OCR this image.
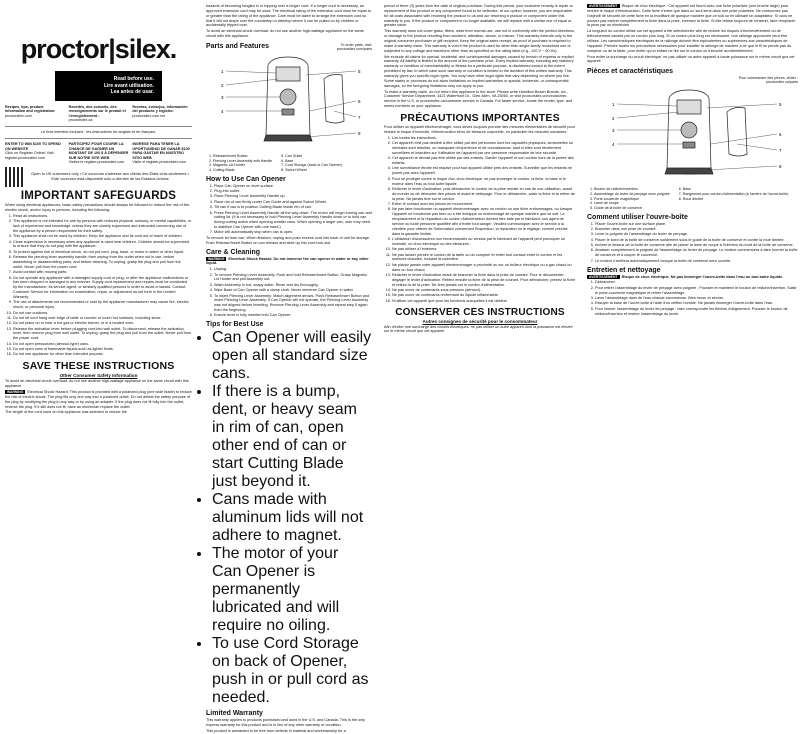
proctor|silex.
Read before use.
Lire avant utilisation.
Lea antes de usar.
Recipes, tips, product information and registration:
proctorsilex.com
Recettes, des conseils, des renseignements sur le produit et l'enregistrement :
proctorsilex.ca
Recetas, consejos, información del producto y registro:
proctorsilex.com.mx
Le livre interieur incluant : les instructions en anglais et en français.
ENTER TO WIN $100 TO SPEND ON WEBSITE
Click on Register Online! Visit register.proctorsilex.com
PARTICIPEZ POUR COURIR LA CHANCE DE GAGNER UN MONTANT DE 100 $ À DÉPENSER SUR NOTRE SITE WEB
Visitez le register.proctorsilex.com
INGRESE PARA TENER LA OPORTUNIDAD DE GANAR $100 PARA GASTAR EN NUESTRO SITIO WEB
Visite el register.proctorsilex.com
Open to US customers only • Ce concours s'adresse aux clients des États-Unis seulement • Este concurso está disponible sólo a clientes de los Estados Unidos
IMPORTANT SAFEGUARDS
When using electrical appliances, basic safety precautions should always be followed to reduce the risk of fire, electric shock, and/or injury to persons, including the following:
1. Read all instructions.
2. This appliance is not intended for use by persons with reduced physical, sensory, or mental capabilities, or lack of experience and knowledge, unless they are closely supervised and instructed concerning use of the appliance by a person responsible for their safety.
3. This appliance shall not be used by children. Keep the appliance and its cord out of reach of children.
4. Close supervision is necessary when any appliance is used near children. Children should be supervised to ensure that they do not play with the appliance.
5. To protect against risk of electrical shock, do not put cord, plug, base, or motor in water or other liquid.
6. Release the piercing lever assembly handle; then unplug from the outlet when not in use, before assembling or disassembling parts, and before cleaning. To unplug, grasp the plug and pull from the outlet. Never pull from the power cord.
7. Avoid contact with moving parts.
8. Do not operate any appliance with a damaged supply cord or plug, or after the appliance malfunctions or has been dropped or damaged in any manner. Supply cord replacement and repairs must be conducted by the manufacturer, its service agent, or similarly qualified persons in order to avoid a hazard. Contact Customer Service for information on examination, repair, or adjustment as set forth in the Limited Warranty.
9. The use of attachments not recommended or sold by the appliance manufacturer may cause fire, electric shock, or personal injury.
10. Do not use outdoors.
11. Do not let cord hang over edge of table or counter or touch hot surfaces, including stove.
12. Do not place on or near a hot gas or electric burner, or in a heated oven.
13. Release the activation lever before plugging cord into wall outlet. To disconnect, release the activation lever, then remove plug from wall outlet. To unplug, grasp the plug and pull from the outlet. Never pull from the power cord.
14. Do not open pressurized (aerosol-type) cans.
15. Do not open cans of flammable liquids such as lighter fluids.
16. Do not use appliance for other than intended purpose.
SAVE THESE INSTRUCTIONS
Other Consumer Safety Information
To avoid an electrical circuit overload, do not use another high-wattage appliance on the same circuit with this appliance.
WARNING Electrical Shock Hazard: This product is provided with a polarized plug (one wide blade) to reduce the risk of electric shock. The plug fits only one way into a polarized outlet. Do not defeat the safety purpose of the plug by modifying the plug in any way or by using an adapter. If the plug does not fit fully into the outlet, reverse the plug. If it still does not fit, have an electrician replace the outlet.
The length of the cord used on this appliance was selected to reduce the
hazards of becoming tangled in or tripping over a longer cord. If a longer cord is necessary, an approved extension cord may be used. The electrical rating of the extension cord must be equal to or greater than the rating of the appliance. Care must be taken to arrange the extension cord so that it will not drape over the countertop or tabletop where it can be pulled on by children or accidentally tripped over.
To avoid an electrical circuit overload, do not use another high-wattage appliance on the same circuit with this appliance.
Parts and Features	To order parts, visit: proctorsilex.com/parts
1
2
3
4
5
6
7
8
1. Release/Insert Button
2. Piercing Lever Assembly with Handle
3. Magnetic Lid Holder
4. Cutting Blade
5. Can Guide
6. Base
7. Cord Storage (back of Can Opener)
8. Swivel Wheel
How to Use Can Opener
1. Place Can Opener on level surface.
2. Plug into outlet.
3. Place Piercing Lever Assembly Handle up.
4. Place rim of can firmly under Can Guide and against Swivel Wheel.
5. Tilt can if can is to position Cutting Blade inside rim of can.
6. Press Piercing Lever Assembly Handle all the way down. The motor will begin turning can and cutting lid. (It is not necessary to hold Piercing Lever Assembly Handle down or to hold can during cutting action when opening smaller cans. When opening a larger can, user may need to stabilize Can Opener with one hand.)
7. Motor will automatically stop when can is open.
To remove lid from can: When finished, unplug and push excess cord into back of unit for storage. Push Release/Insert Button on can release and slide up into cord lock slot.
Care & Cleaning
WARNING Electrical Shock Hazard. Do not immerse the can opener in water or any other liquid.
1. Unplug.
2. To remove Piercing Lever Assembly: Push and hold Release/Insert Button. Grasp Magnetic Lid Holder and pull Assembly out.
3. Wash Assembly in hot, soapy water. Rinse and dry thoroughly.
4. Wipe Base of Can Opener with a damp cloth. Never immerse Can Opener in water.
5. To insert Piercing Lever Assembly: Match alignment arrows. Push Release/Insert Button and insert Piercing Lever Assembly. If Can Opener will not operate, the Piercing Lever Assembly was not aligned before inserting. Remove Piercing Lever Assembly and repeat step 5 again from the beginning.
6. Ensure lever is fully inserted into Can Opener.
Tips for Best Use
• Can Opener will easily open all standard size cans.
• If there is a bump, dent, or heavy seam in rim of can, open other end of can or start Cutting Blade just beyond it.
• Cans made with aluminum lids will not adhere to magnet.
• The motor of your Can Opener is permanently lubricated and will require no oiling.
• To use Cord Storage on back of Opener, push in or pull cord as needed.
Limited Warranty
This warranty applies to products purchased and used in the U.S. and Canada. This is the only express warranty for this product and is in lieu of any other warranty or condition.
This product is warranted to be free from defects in material and workmanship for a
period of three (3) years from the date of original purchase. During this period, your exclusive remedy is repair or replacement of this product or any component found to be defective, at our option; however, you are responsible for all costs associated with returning the product to us and our returning a product or component under this warranty to you. If the product or component is no longer available, we will replace with a similar one of equal or greater value.
This warranty does not cover glass, filters, wear from normal use, use not in conformity with the printed directions, or damage to the product resulting from accident, alteration, abuse, or misuse. This warranty extends only to the original consumer purchaser or gift recipient. Keep the original sales receipt, as proof of purchase is required to make a warranty claim. This warranty is void if the product is used for other than single-family household use or subjected to any voltage and waveform other than as specified on the rating label (e.g., 120 V ~ 60 Hz).
We exclude all claims for special, incidental, and consequential damages caused by breach of express or implied warranty. All liability is limited to the amount of the purchase price. Every implied warranty, including any statutory warranty or condition of merchantability or fitness for a particular purpose, is disclaimed except to the extent prohibited by law, in which case such warranty or condition is limited to the duration of this written warranty. This warranty gives you specific legal rights. You may have other legal rights that vary depending on where you live. Some states or provinces do not allow limitations on implied warranties or special, incidental, or consequential damages, so the foregoing limitations may not apply to you.
To make a warranty claim, do not return this appliance to the store. Please write Hamilton Beach Brands, Inc., Customer Service Department, 4421 Waterfront Dr., Glen Allen, VA 23060, or visit proctorsilex.com/customer-service in the U.S. or proctorsilex.ca/customer-service in Canada. For faster service, locate the model, type, and series numbers on your appliance.
PRÉCAUTIONS IMPORTANTES
Pour utiliser un appareil électroménager, vous devez toujours prendre des mesures élémentaires de sécurité pour réduire le risque d'incendie, d'électrocution et/ou de blessure corporelle, en particulier les mesures suivantes :
1. Lire toutes les instructions.
2. Cet appareil n'est pas destiné à être utilisé par des personnes dont les capacités physiques, sensorielles ou mentales sont réduites, ou manquant d'expérience et de connaissance, sauf si elles sont étroitement surveillées et instruites sur l'utilisation de l'appareil par une personne responsable de leur sécurité.
3. Cet appareil ne devrait pas être utilisé par des enfants. Garder l'appareil et son cordon hors de la portée des enfants.
4. Une surveillance étroite est requise pour tout appareil utilisé près des enfants. Surveiller que les enfants ne jouent pas avec l'appareil.
5. Pour se protéger contre le risque d'un choc électrique, ne pas immerger le cordon, la fiche, la base ni le moteur dans l'eau ou tout autre liquide.
6. Relâcher le levier d'activation, puis débrancher le cordon de la prise murale en cas de non-utilisation, avant de monter ou de démonter des pièces et avant le nettoyage. Pour le débrancher, saisir la fiche et la retirer de la prise. Ne jamais tirer sur le cordon.
7. Éviter le contact avec les pièces en mouvement.
8. Ne pas faire fonctionner un appareil électroménager avec un cordon ou une fiche endommagés, ou lorsque l'appareil ne fonctionne pas bien ou a été échappé ou endommagé de quelque manière que ce soit. Le remplacement et la réparation du cordon d'alimentation doivent être faits par le fabricant, son agent de service ou toute personne qualifiée afin d'éviter tout danger. Veuillez communiquer avec le service à la clientèle pour obtenir de l'information concernant l'inspection, la réparation ou le réglage, comme précisé dans la garantie limitée.
9. L'utilisation d'accessoires non recommandés ou vendus par le fabricant de l'appareil peut provoquer un incendie, un choc électrique ou des blessures.
10. Ne pas utiliser à l'extérieur.
11. Ne pas laisser pendre le cordon de la table ou du comptoir et éviter tout contact entre le cordon et les surfaces chaudes, incluant la cuisinière.
12. Ne placez jamais votre appareil électroménager à proximité ou sur un brûleur électrique ou à gaz chaud ou dans un four chaud.
13. Relâcher le levier d'activation avant de brancher la fiche dans la prise de courant. Pour le déconnecter, dégager le levier d'activation. Retirez ensuite la fiche de la prise de courant. Pour débrancher, prenez la fiche et retirez-la de la prise. Ne tirez jamais sur le cordon d'alimentation.
14. Ne pas ouvrir de contenants sous pression (aérosol).
15. Ne pas ouvrir de contenants renfermant du liquide inflammable.
16. N'utiliser cet appareil que pour les fonctions auxquelles il est destiné.
CONSERVER CES INSTRUCTIONS
Autres consignes de sécurité pour le consommateur
Afin d'éviter une surcharge des circuits électriques, ne pas utiliser un autre appareil dont la puissance est élevée sur le même circuit que cet appareil.
AVERTISSEMENT Risque de choc électrique : Cet appareil est fourni avec une fiche polarisée (une broche large) pour réduire le risque d'électrocution. Cette fiche n'entre que dans un seul sens dans une prise polarisée. Ne contournez pas l'objectif de sécurité de cette fiche en la modifiant de quelque manière que ce soit ou en utilisant un adaptateur. Si vous ne pouvez pas insérer complètement la fiche dans la prise, inversez la fiche. Si elle refuse toujours de s'insérer, faire remplacer la prise par un électricien.
La longueur du cordon utilisé sur cet appareil a été sélectionnée afin de réduire les risques d'enchevêtrement ou de trébuchement causés par un cordon plus long. Si un cordon plus long est nécessaire, une rallonge approuvée peut être utilisée. Les caractéristiques électriques de la rallonge doivent être équivalentes ou supérieures aux caractéristiques de l'appareil. Prendre toutes les précautions nécessaires pour installer la rallonge de manière à ce que le fil ne pende pas du comptoir ou de la table, pour éviter qu'un enfant ne tire sur le cordon ou trébuche accidentellement.
Pour éviter la surcharge du circuit électrique, ne pas utiliser un autre appareil à haute puissance sur le même circuit que cet appareil.
Pièces et caractéristiques
Pour commander des pièces, visiter : proctorsilex.ca/parts
1
2
3
4
5
6
7
8
1. Bouton de relâche/insertion
2. Assemblage du levier de perçage avec poignée
3. Porte-couvercle magnétique
4. Lame de coupe
5. Guide de la boîte de conserve
6. Base
7. Rangement pour cordon d'alimentation (à l'arrière de l'ouvre-boîte)
8. Roue dentée
Comment utiliser l'ouvre-boîte
1. Placer l'ouvre-boîte sur une surface plane.
2. Brancher dans une prise de courant.
3. Lever la poignée de l'assemblage du levier de perçage.
4. Placer le bord de la boîte de conserve solidement sous le guide de la boîte de conserve et contre la roue dentée.
5. Incliner le dessus de la boîte de conserve afin de placer la lame de coupe à l'intérieur du bord de la boîte de conserve.
6. Abaisser complètement la poignée de l'assemblage du levier de perçage. Le moteur commencera à faire tourner la boîte de conserve et à couper le couvercle.
7. Le moteur s'arrêtera automatiquement lorsque la boîte de conserve sera ouverte.
Entretien et nettoyage
AVERTISSEMENT Risque de choc électrique. Ne pas immerger l'ouvre-boîte dans l'eau ou tout autre liquide.
1. Débrancher.
2. Pour retirer l'assemblage du levier de perçage avec poignée : Pousser et maintenir le bouton de relâche/insertion. Saisir le porte-couvercle magnétique et retirer l'assemblage.
3. Laver l'assemblage dans de l'eau chaude savonneuse. Bien rincer et sécher.
4. Essuyer la base de l'ouvre-boîte à l'aide d'un chiffon humide. Ne jamais immerger l'ouvre-boîte dans l'eau.
5. Pour insérer l'assemblage du levier de perçage : faire correspondre les flèches d'alignement. Pousser le bouton de relâche/insertion et insérer l'assemblage du levier.
